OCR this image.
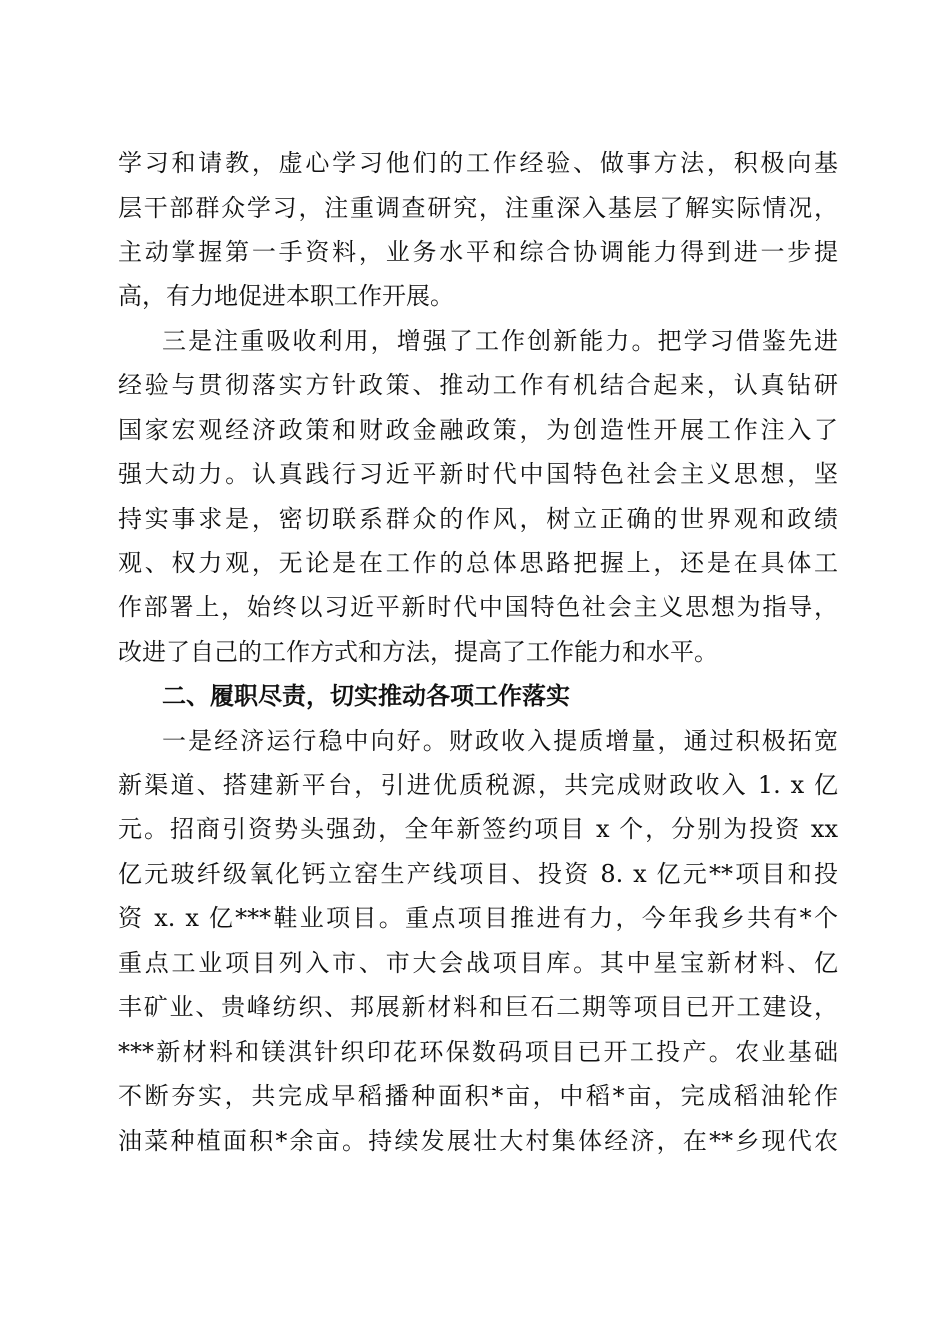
学习和请教，虚心学习他们的工作经验、做事方法，积极向基
层干部群众学习，注重调查研究，注重深入基层了解实际情况，
主动掌握第一手资料，业务水平和综合协调能力得到进一步提
高，有力地促进本职工作开展。
三是注重吸收利用，增强了工作创新能力。把学习借鉴先进
经验与贯彻落实方针政策、推动工作有机结合起来，认真钻研
国家宏观经济政策和财政金融政策，为创造性开展工作注入了
强大动力。认真践行习近平新时代中国特色社会主义思想，坚
持实事求是，密切联系群众的作风，树立正确的世界观和政绩
观、权力观，无论是在工作的总体思路把握上，还是在具体工
作部署上，始终以习近平新时代中国特色社会主义思想为指导，
改进了自己的工作方式和方法，提高了工作能力和水平。
二、履职尽责，切实推动各项工作落实
一是经济运行稳中向好。财政收入提质增量，通过积极拓宽
新渠道、搭建新平台，引进优质税源，共完成财政收入 1. x 亿
元。招商引资势头强劲，全年新签约项目 x 个，分别为投资 xx
亿元玻纤级氧化钙立窑生产线项目、投资 8. x 亿元**项目和投
资 x. x 亿***鞋业项目。重点项目推进有力，今年我乡共有*个
重点工业项目列入市、市大会战项目库。其中星宝新材料、亿
丰矿业、贵峰纺织、邦展新材料和巨石二期等项目已开工建设，
***新材料和镁淇针织印花环保数码项目已开工投产。农业基础
不断夯实，共完成早稻播种面积*亩，中稻*亩，完成稻油轮作
油菜种植面积*余亩。持续发展壮大村集体经济，在**乡现代农
